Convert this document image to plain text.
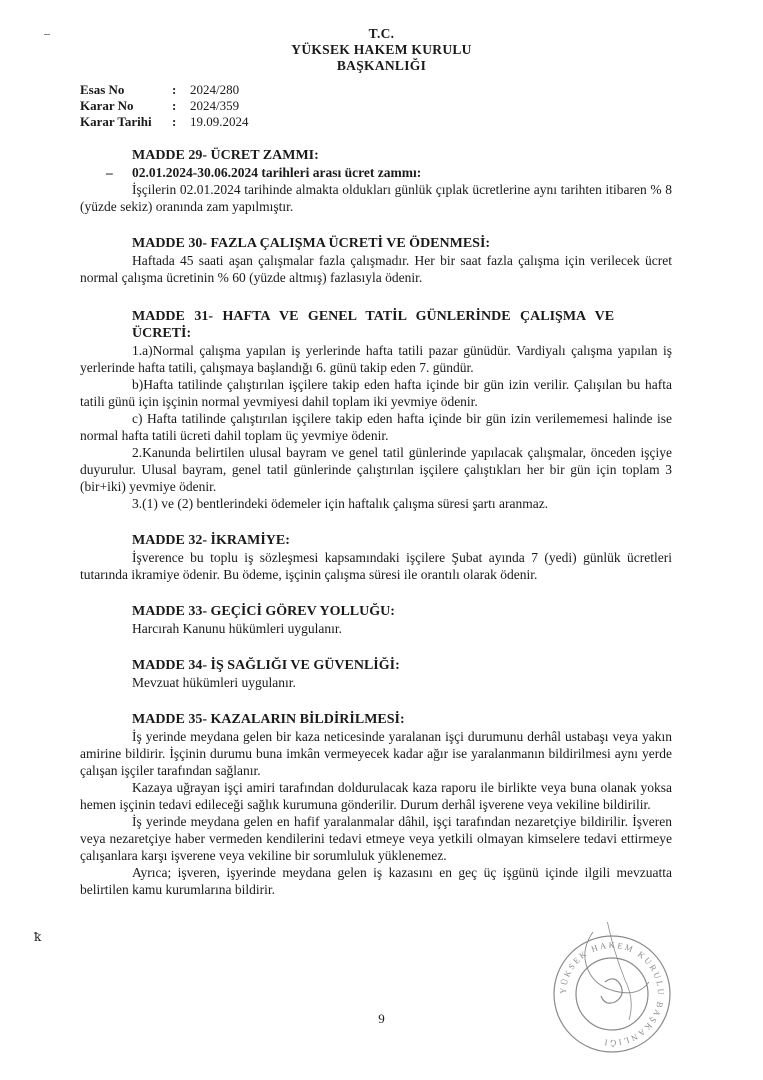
T.C.
YÜKSEK HAKEM KURULU
BAŞKANLIĞI
Esas No	:	2024/280
Karar No	:	2024/359
Karar Tarihi	:	19.09.2024
MADDE 29- ÜCRET ZAMMI:
– 02.01.2024-30.06.2024 tarihleri arası ücret zammı:
İşçilerin 02.01.2024 tarihinde almakta oldukları günlük çıplak ücretlerine aynı tarihten itibaren % 8 (yüzde sekiz) oranında zam yapılmıştır.
MADDE 30- FAZLA ÇALIŞMA ÜCRETİ VE ÖDENMESİ:
Haftada 45 saati aşan çalışmalar fazla çalışmadır. Her bir saat fazla çalışma için verilecek ücret normal çalışma ücretinin % 60 (yüzde altmış) fazlasıyla ödenir.
MADDE 31- HAFTA VE GENEL TATİL GÜNLERİNDE ÇALIŞMA VE ÜCRETİ:
1.a)Normal çalışma yapılan iş yerlerinde hafta tatili pazar günüdür. Vardiyalı çalışma yapılan iş yerlerinde hafta tatili, çalışmaya başlandığı 6. günü takip eden 7. gündür.
b)Hafta tatilinde çalıştırılan işçilere takip eden hafta içinde bir gün izin verilir. Çalışılan bu hafta tatili günü için işçinin normal yevmiyesi dahil toplam iki yevmiye ödenir.
c) Hafta tatilinde çalıştırılan işçilere takip eden hafta içinde bir gün izin verilememesi halinde ise normal hafta tatili ücreti dahil toplam üç yevmiye ödenir.
2.Kanunda belirtilen ulusal bayram ve genel tatil günlerinde yapılacak çalışmalar, önceden işçiye duyurulur. Ulusal bayram, genel tatil günlerinde çalıştırılan işçilere çalıştıkları her bir gün için toplam 3 (bir+iki) yevmiye ödenir.
3.(1) ve (2) bentlerindeki ödemeler için haftalık çalışma süresi şartı aranmaz.
MADDE 32- İKRAMİYE:
İşverence bu toplu iş sözleşmesi kapsamındaki işçilere Şubat ayında 7 (yedi) günlük ücretleri tutarında ikramiye ödenir. Bu ödeme, işçinin çalışma süresi ile orantılı olarak ödenir.
MADDE 33- GEÇİCİ GÖREV YOLLUĞU:
Harcırah Kanunu hükümleri uygulanır.
MADDE 34- İŞ SAĞLIĞI VE GÜVENLİĞİ:
Mevzuat hükümleri uygulanır.
MADDE 35- KAZALARIN BİLDİRİLMESİ:
İş yerinde meydana gelen bir kaza neticesinde yaralanan işçi durumunu derhâl ustabaşı veya yakın amirine bildirir. İşçinin durumu buna imkân vermeyecek kadar ağır ise yaralanmanın bildirilmesi aynı yerde çalışan işçiler tarafından sağlanır.
Kazaya uğrayan işçi amiri tarafından doldurulacak kaza raporu ile birlikte veya buna olanak yoksa hemen işçinin tedavi edileceği sağlık kurumuna gönderilir. Durum derhâl işverene veya vekiline bildirilir.
İş yerinde meydana gelen en hafif yaralanmalar dâhil, işçi tarafından nezaretçiye bildirilir. İşveren veya nezaretçiye haber vermeden kendilerini tedavi etmeye veya yetkili olmayan kimselere tedavi ettirmeye çalışanlara karşı işverene veya vekiline bir sorumluluk yüklenemez.
Ayrıca; işveren, işyerinde meydana gelen iş kazasını en geç üç işgünü içinde ilgili mevzuatta belirtilen kamu kurumlarına bildirir.
ꝁ
9
YÜKSEK HAKEM KURULU BAŞKANLIĞI
